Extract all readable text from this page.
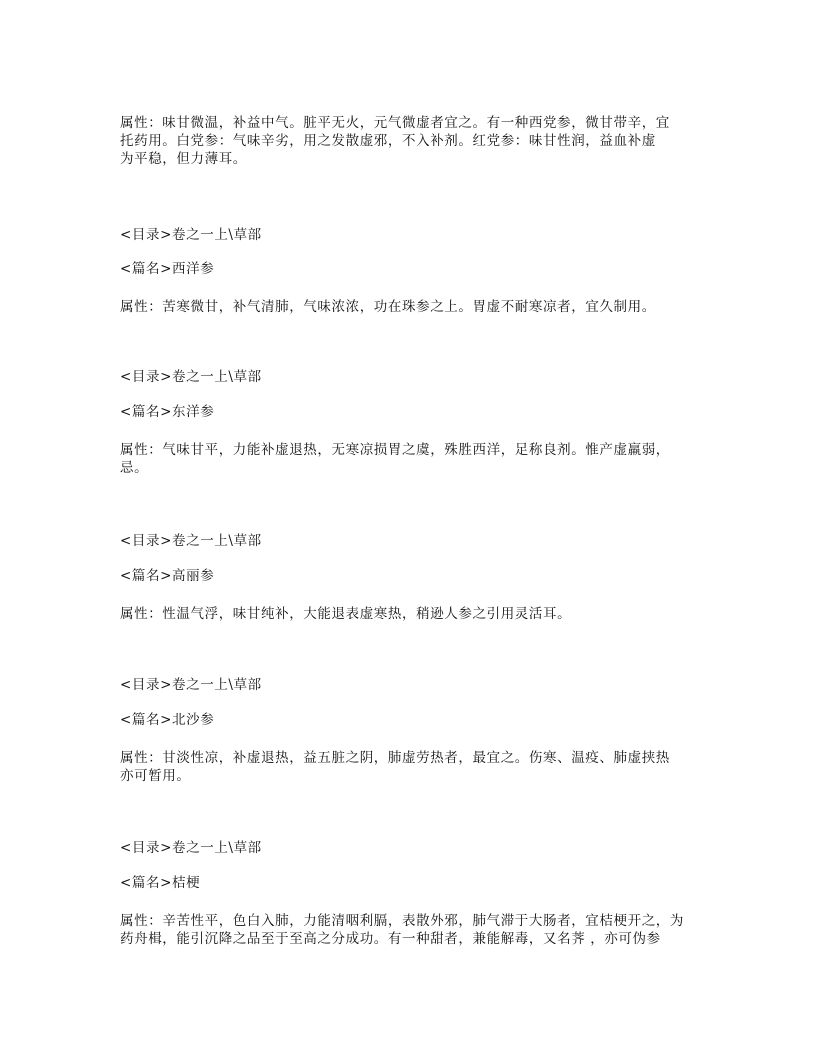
属性：味甘微温，补益中气。脏平无火，元气微虚者宜之。有一种西党参，微甘带辛，宜
托药用。白党参：气味辛劣，用之发散虚邪，不入补剂。红党参：味甘性润，益血补虚
为平稳，但力薄耳。
<目录>卷之一上\草部
<篇名>西洋参
属性：苦寒微甘，补气清肺，气味浓浓，功在珠参之上。胃虚不耐寒凉者，宜久制用。
<目录>卷之一上\草部
<篇名>东洋参
属性：气味甘平，力能补虚退热，无寒凉损胃之虞，殊胜西洋，足称良剂。惟产虚羸弱，
忌。
<目录>卷之一上\草部
<篇名>高丽参
属性：性温气浮，味甘纯补，大能退表虚寒热，稍逊人参之引用灵活耳。
<目录>卷之一上\草部
<篇名>北沙参
属性：甘淡性凉，补虚退热，益五脏之阴，肺虚劳热者，最宜之。伤寒、温疫、肺虚挟热
亦可暂用。
<目录>卷之一上\草部
<篇名>桔梗
属性：辛苦性平，色白入肺，力能清咽利膈，表散外邪，肺气滞于大肠者，宜桔梗开之，为
药舟楫，能引沉降之品至于至高之分成功。有一种甜者，兼能解毒，又名荠 ，亦可伪参
